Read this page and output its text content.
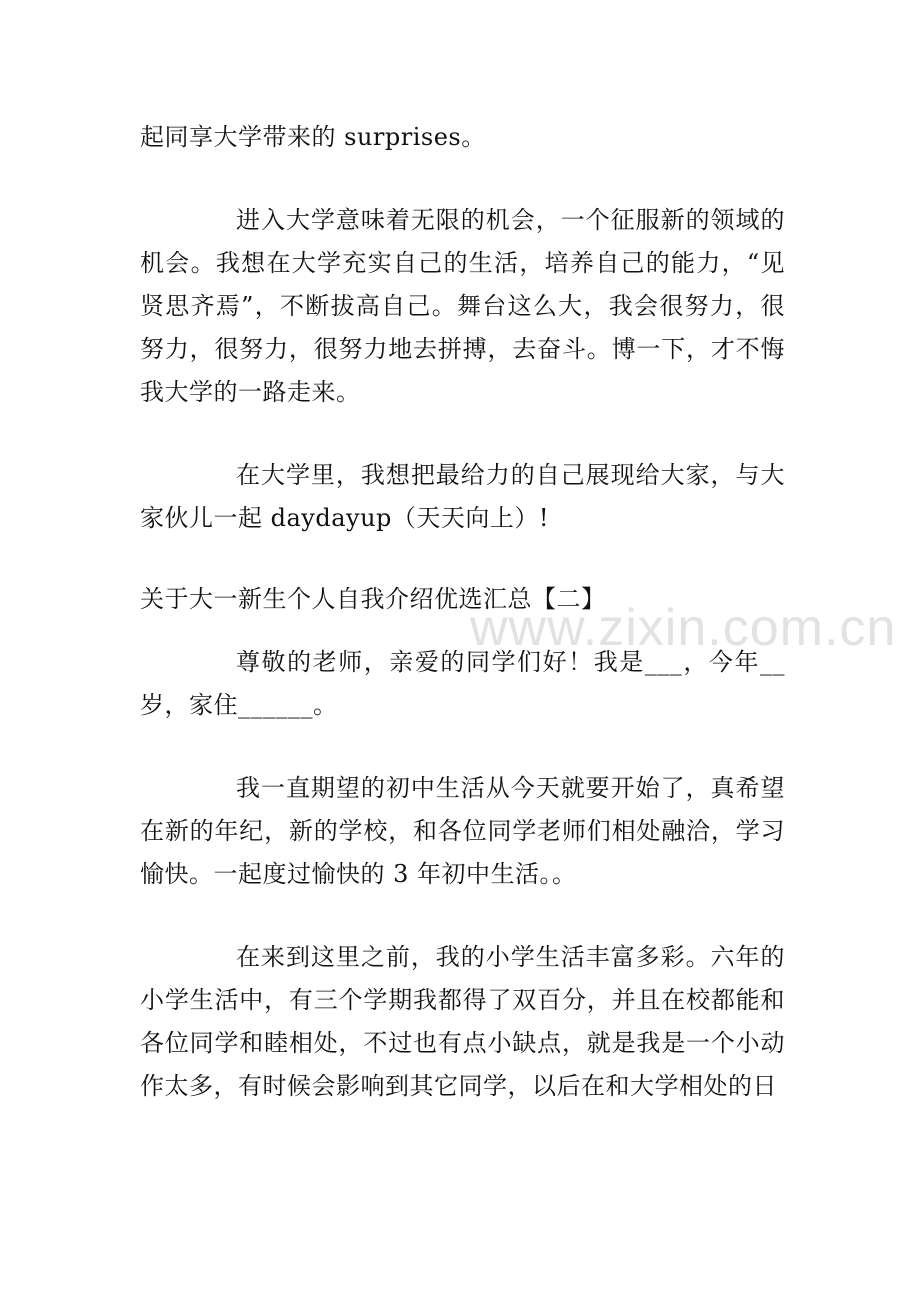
起同享大学带来的 surprises。

进入大学意味着无限的机会，一个征服新的领域的机会。我想在大学充实自己的生活，培养自己的能力，“见贤思齐焉”，不断拔高自己。舞台这么大，我会很努力，很努力，很努力，很努力地去拼搏，去奋斗。博一下，才不悔我大学的一路走来。

在大学里，我想把最给力的自己展现给大家，与大家伙儿一起 daydayup（天天向上）!

关于大一新生个人自我介绍优选汇总【二】

尊敬的老师，亲爱的同学们好！我是___，今年__岁，家住______。

我一直期望的初中生活从今天就要开始了，真希望在新的年纪，新的学校，和各位同学老师们相处融洽，学习愉快。一起度过愉快的 3 年初中生活。。

在来到这里之前，我的小学生活丰富多彩。六年的小学生活中，有三个学期我都得了双百分，并且在校都能和各位同学和睦相处，不过也有点小缺点，就是我是一个小动作太多，有时候会影响到其它同学，以后在和大学相处的日

www.zixin.com.cn
